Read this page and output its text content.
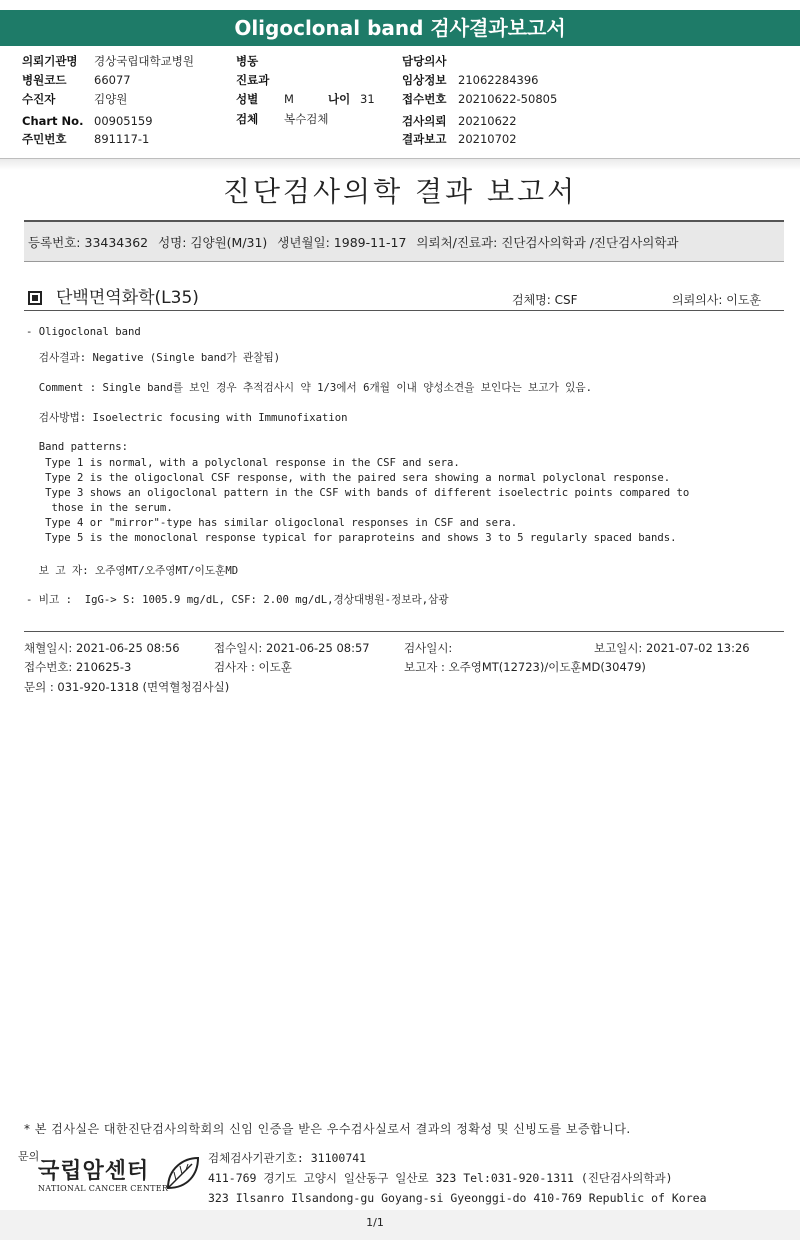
Oligoclonal band 검사결과보고서
의뢰기관명 경상국립대학교병원
병원코드 66077
수진자	김양원
Chart No. 00905159
주민번호 891117-1
병동
진료과
성별 M	나이 31
검체 복수검체
담당의사
임상정보 21062284396
접수번호 20210622-50805
검사의뢰 20210622
결과보고 20210702
진단검사의학 결과 보고서
등록번호: 33434362 성명: 김양원(M/31) 생년월일: 1989-11-17 의뢰처/진료과: 진단검사의학과 /진단검사의학과
단백면역화학(L35)	검체명: CSF	의뢰의사: 이도훈
- Oligoclonal band
검사결과: Negative (Single band가 관찰됨)
Comment : Single band를 보인 경우 추적검사시 약 1/3에서 6개월 이내 양성소견을 보인다는 보고가 있음.
검사방법: Isoelectric focusing with Immunofixation
Band patterns:
Type 1 is normal, with a polyclonal response in the CSF and sera.
Type 2 is the oligoclonal CSF response, with the paired sera showing a normal polyclonal response.
Type 3 shows an oligoclonal pattern in the CSF with bands of different isoelectric points compared to
those in the serum.
Type 4 or "mirror"-type has similar oligoclonal responses in CSF and sera.
Type 5 is the monoclonal response typical for paraproteins and shows 3 to 5 regularly spaced bands.
보 고 자: 오주영MT/오주영MT/이도훈MD
- 비고 :  IgG-> S: 1005.9 mg/dL, CSF: 2.00 mg/dL,경상대병원-정보라,삼광
채혈일시: 2021-06-25 08:56	접수일시: 2021-06-25 08:57	검사일시:	보고일시: 2021-07-02 13:26
접수번호: 210625-3	검사자 : 이도훈	보고자 : 오주영MT(12723)/이도훈MD(30479)
문의 : 031-920-1318 (면역혈청검사실)
* 본 검사실은 대한진단검사의학회의 신임 인증을 받은 우수검사실로서 결과의 정확성 및 신빙도를 보증합니다.
문의
국립암센터
NATIONAL CANCER CENTER
검체검사기관기호: 31100741
411-769 경기도 고양시 일산동구 일산로 323 Tel:031-920-1311 (진단검사의학과)
323 Ilsanro Ilsandong-gu Goyang-si Gyeonggi-do 410-769 Republic of Korea
1/1
